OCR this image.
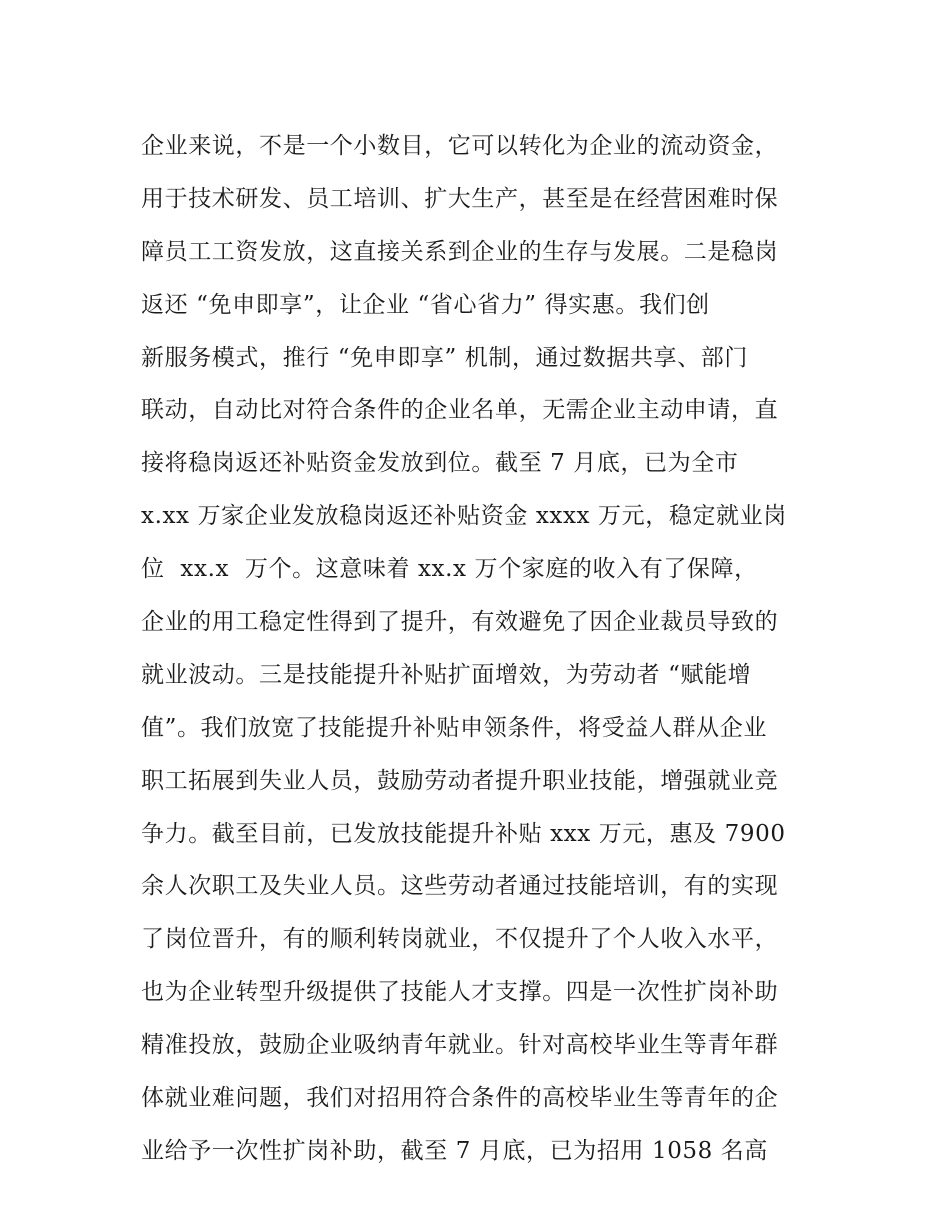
企业来说，不是一个小数目，它可以转化为企业的流动资金，
用于技术研发、员工培训、扩大生产，甚至是在经营困难时保
障员工工资发放，这直接关系到企业的生存与发展。二是稳岗
返还 “免申即享”，让企业 “省心省力” 得实惠。我们创
新服务模式，推行 “免申即享” 机制，通过数据共享、部门
联动，自动比对符合条件的企业名单，无需企业主动申请，直
接将稳岗返还补贴资金发放到位。截至 7 月底，已为全市
x.xx 万家企业发放稳岗返还补贴资金 xxxx 万元，稳定就业岗
位  xx.x  万个。这意味着 xx.x 万个家庭的收入有了保障，
企业的用工稳定性得到了提升，有效避免了因企业裁员导致的
就业波动。三是技能提升补贴扩面增效，为劳动者 “赋能增
值”。我们放宽了技能提升补贴申领条件，将受益人群从企业
职工拓展到失业人员，鼓励劳动者提升职业技能，增强就业竞
争力。截至目前，已发放技能提升补贴 xxx 万元，惠及 7900
余人次职工及失业人员。这些劳动者通过技能培训，有的实现
了岗位晋升，有的顺利转岗就业，不仅提升了个人收入水平，
也为企业转型升级提供了技能人才支撑。四是一次性扩岗补助
精准投放，鼓励企业吸纳青年就业。针对高校毕业生等青年群
体就业难问题，我们对招用符合条件的高校毕业生等青年的企
业给予一次性扩岗补助，截至 7 月底，已为招用 1058 名高
